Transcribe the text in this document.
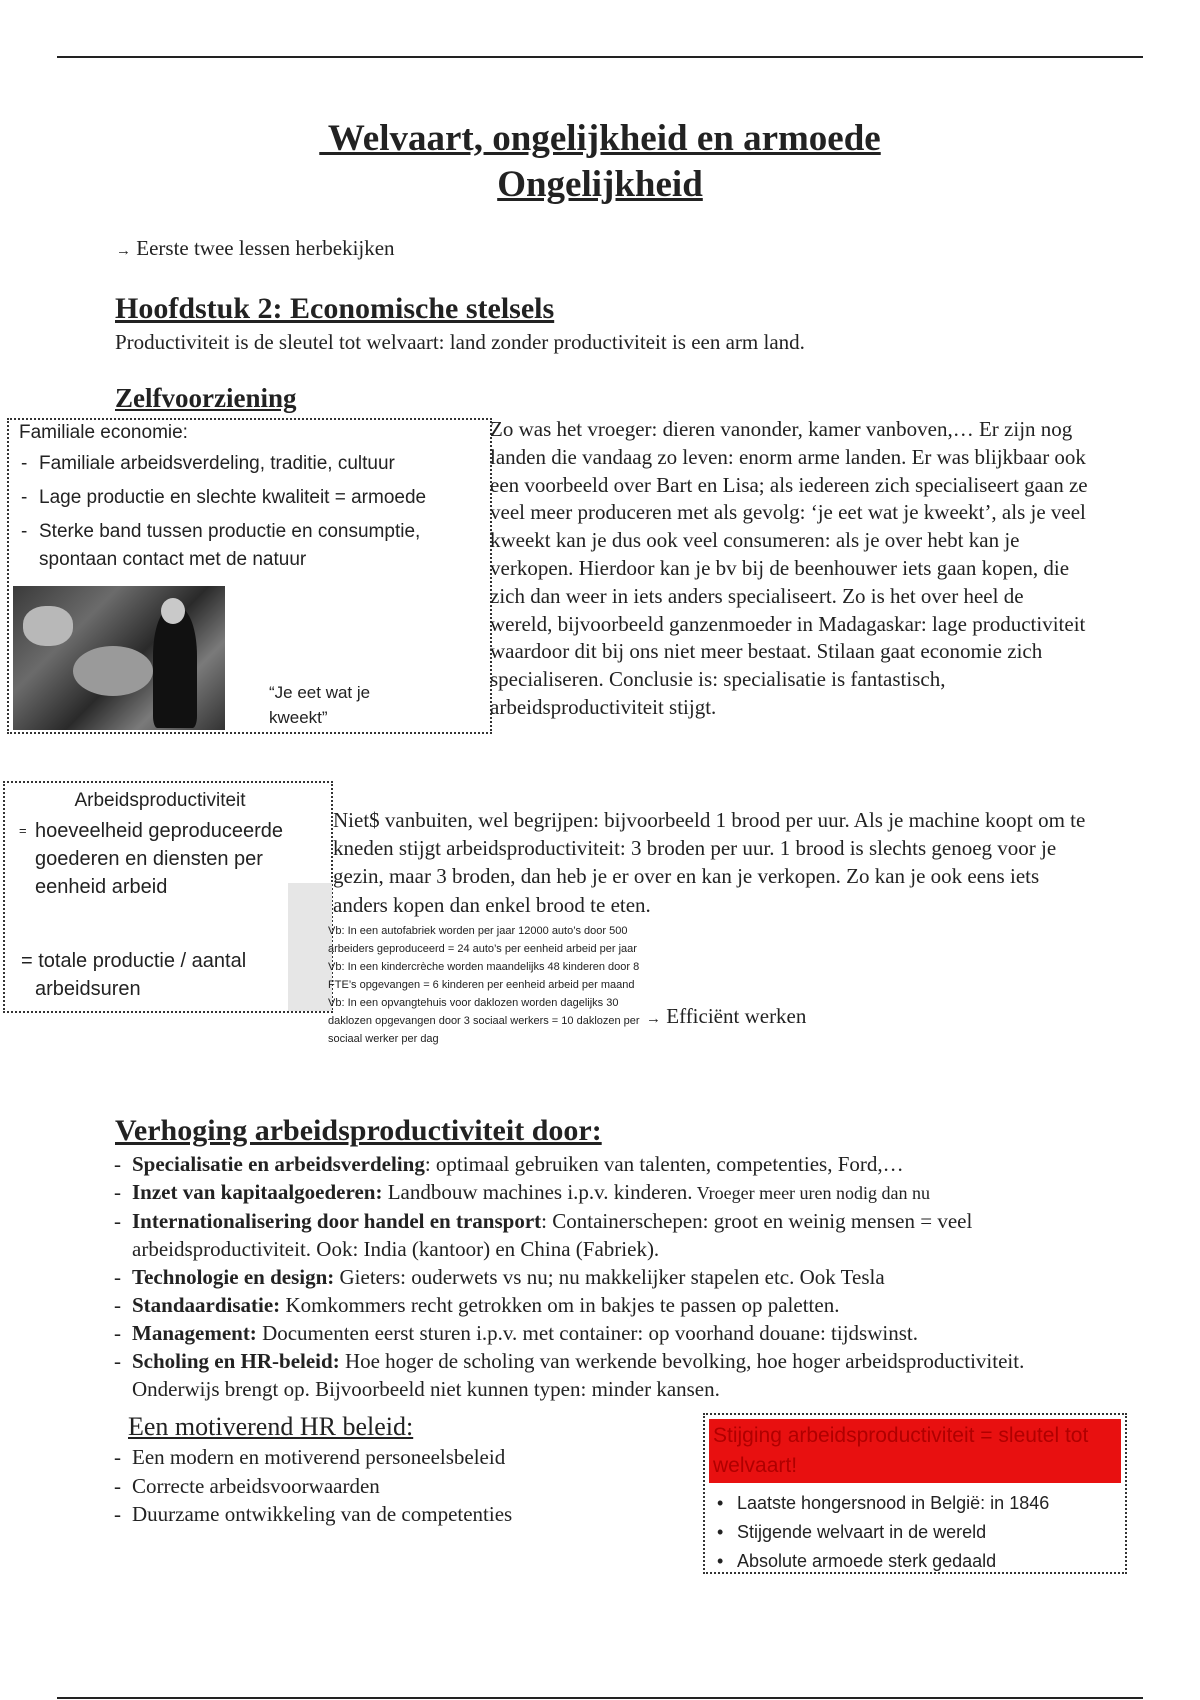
Welvaart, ongelijkheid en armoede
Ongelijkheid
→ Eerste twee lessen herbekijken
Hoofdstuk 2: Economische stelsels
Productiviteit is de sleutel tot welvaart: land zonder productiviteit is een arm land.
Zelfvoorziening
Familiale economie:
- Familiale arbeidsverdeling, traditie, cultuur
- Lage productie en slechte kwaliteit = armoede
- Sterke band tussen productie en consumptie, spontaan contact met de natuur
“Je eet wat je kweekt”
Zo was het vroeger: dieren vanonder, kamer vanboven,… Er zijn nog landen die vandaag zo leven: enorm arme landen. Er was blijkbaar ook een voorbeeld over Bart en Lisa; als iedereen zich specialiseert gaan ze veel meer produceren met als gevolg: ‘je eet wat je kweekt’, als je veel kweekt kan je dus ook veel consumeren: als je over hebt kan je verkopen. Hierdoor kan je bv bij de beenhouwer iets gaan kopen, die zich dan weer in iets anders specialiseert. Zo is het over heel de wereld, bijvoorbeeld ganzenmoeder in Madagaskar: lage productiviteit waardoor dit bij ons niet meer bestaat. Stilaan gaat economie zich specialiseren. Conclusie is: specialisatie is fantastisch, arbeidsproductiviteit stijgt.
Arbeidsproductiviteit
= hoeveelheid geproduceerde goederen en diensten per eenheid arbeid
= totale productie / aantal arbeidsuren
Niet$ vanbuiten, wel begrijpen: bijvoorbeeld 1 brood per uur. Als je machine koopt om te kneden stijgt arbeidsproductiviteit: 3 broden per uur. 1 brood is slechts genoeg voor je gezin, maar 3 broden, dan heb je er over en kan je verkopen. Zo kan je ook eens iets anders kopen dan enkel brood te eten.
Vb: In een autofabriek worden per jaar 12000 auto’s door 500 arbeiders geproduceerd = 24 auto’s per eenheid arbeid per jaar
Vb: In een kindercrèche worden maandelijks 48 kinderen door 8 FTE’s opgevangen = 6 kinderen per eenheid arbeid per maand
Vb: In een opvangtehuis voor daklozen worden dagelijks 30 daklozen opgevangen door 3 sociaal werkers = 10 daklozen per sociaal werker per dag
→ Efficiënt werken
Verhoging arbeidsproductiviteit door:
- Specialisatie en arbeidsverdeling: optimaal gebruiken van talenten, competenties, Ford,…
- Inzet van kapitaalgoederen: Landbouw machines i.p.v. kinderen. Vroeger meer uren nodig dan nu
- Internationalisering door handel en transport: Containerschepen: groot en weinig mensen = veel arbeidsproductiviteit. Ook: India (kantoor) en China (Fabriek).
- Technologie en design: Gieters: ouderwets vs nu; nu makkelijker stapelen etc. Ook Tesla
- Standaardisatie: Komkommers recht getrokken om in bakjes te passen op paletten.
- Management: Documenten eerst sturen i.p.v. met container: op voorhand douane: tijdswinst.
- Scholing en HR-beleid: Hoe hoger de scholing van werkende bevolking, hoe hoger arbeidsproductiviteit. Onderwijs brengt op. Bijvoorbeeld niet kunnen typen: minder kansen.
Een motiverend HR beleid:
- Een modern en motiverend personeelsbeleid
- Correcte arbeidsvoorwaarden
- Duurzame ontwikkeling van de competenties
Stijging arbeidsproductiviteit = sleutel tot welvaart!
• Laatste hongersnood in België: in 1846
• Stijgende welvaart in de wereld
• Absolute armoede sterk gedaald
